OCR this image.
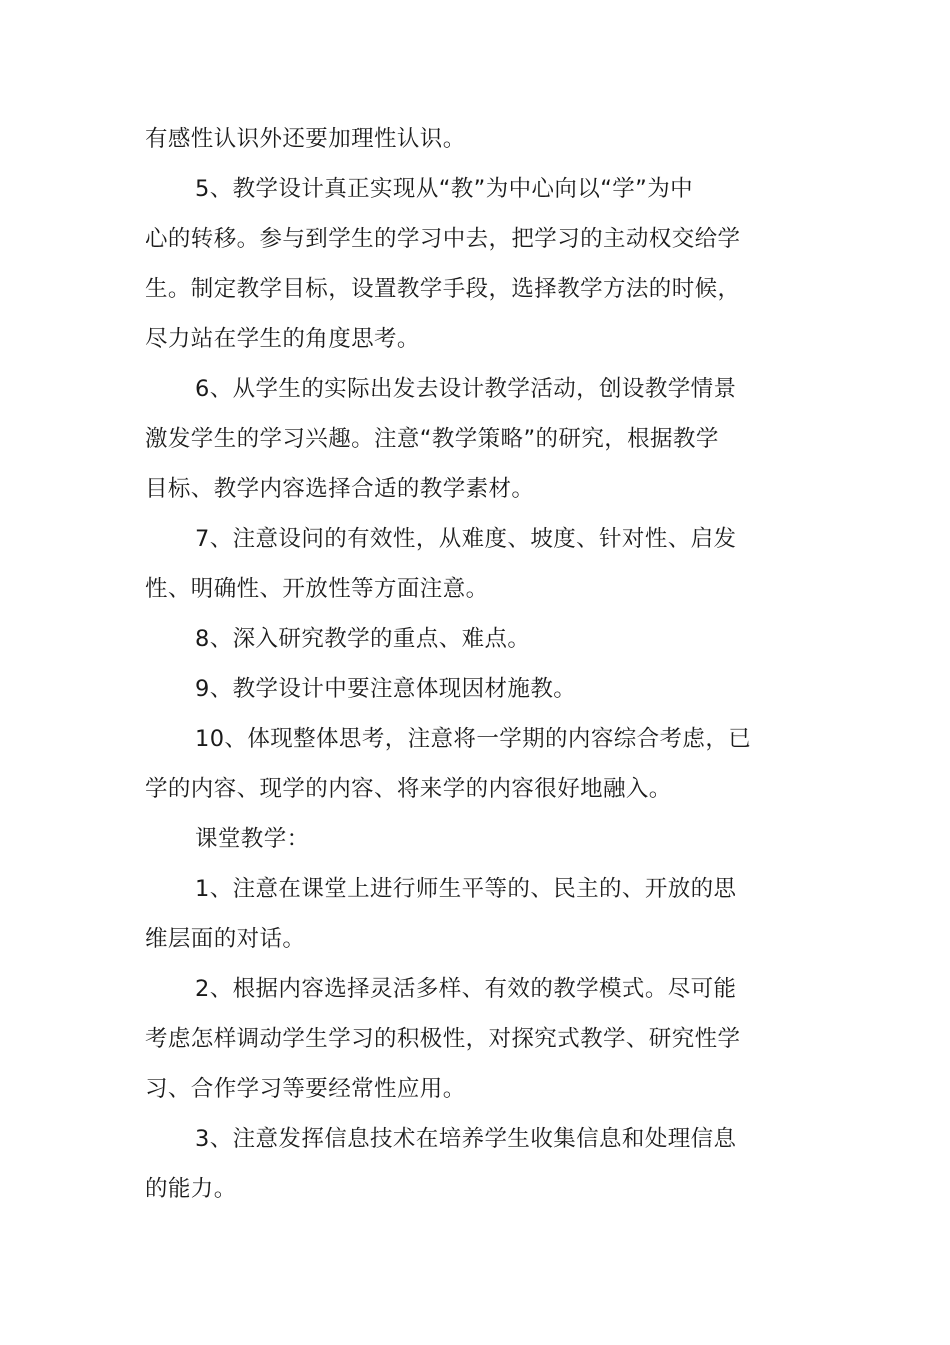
有感性认识外还要加理性认识。
5、教学设计真正实现从“教”为中心向以“学”为中
心的转移。参与到学生的学习中去，把学习的主动权交给学
生。制定教学目标，设置教学手段，选择教学方法的时候，
尽力站在学生的角度思考。
6、从学生的实际出发去设计教学活动，创设教学情景
激发学生的学习兴趣。注意“教学策略”的研究，根据教学
目标、教学内容选择合适的教学素材。
7、注意设问的有效性，从难度、坡度、针对性、启发
性、明确性、开放性等方面注意。
8、深入研究教学的重点、难点。
9、教学设计中要注意体现因材施教。
10、体现整体思考，注意将一学期的内容综合考虑，已
学的内容、现学的内容、将来学的内容很好地融入。
课堂教学：
1、注意在课堂上进行师生平等的、民主的、开放的思
维层面的对话。
2、根据内容选择灵活多样、有效的教学模式。尽可能
考虑怎样调动学生学习的积极性，对探究式教学、研究性学
习、合作学习等要经常性应用。
3、注意发挥信息技术在培养学生收集信息和处理信息
的能力。
